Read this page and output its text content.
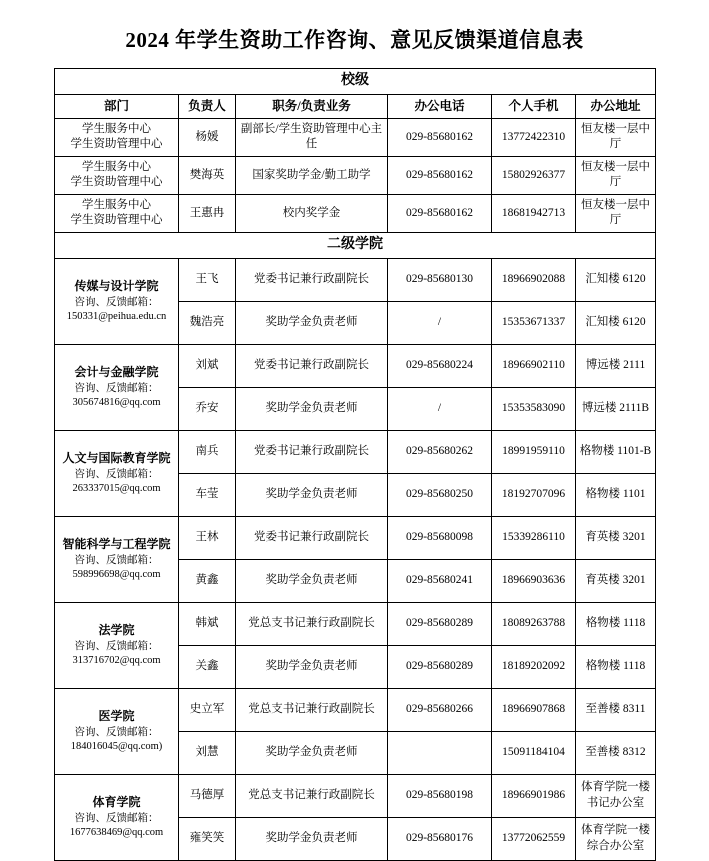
2024 年学生资助工作咨询、意见反馈渠道信息表
校级					
部门	负责人	职务/负责业务	办公电话	个人手机	办公地址
学生服务中心
学生资助管理中心	杨媛	副部长/学生资助管理中心主任	029-85680162	13772422310	恒友楼一层中厅
学生服务中心
学生资助管理中心	樊海英	国家奖助学金/勤工助学	029-85680162	15802926377	恒友楼一层中厅
学生服务中心
学生资助管理中心	王惠冉	校内奖学金	029-85680162	18681942713	恒友楼一层中厅
二级学院					

传媒与设计学院
咨询、反馈邮箱：
150331@peihua.edu.cn	王飞	党委书记兼行政副院长	029-85680130	18966902088	汇知楼 6120
	魏浩亮	奖助学金负责老师	/	15353671337	汇知楼 6120

会计与金融学院
咨询、反馈邮箱：
305674816@qq.com	刘斌	党委书记兼行政副院长	029-85680224	18966902110	博远楼 2111
	乔安	奖助学金负责老师	/	15353583090	博远楼 2111B

人文与国际教育学院
咨询、反馈邮箱：
263337015@qq.com	南兵	党委书记兼行政副院长	029-85680262	18991959110	格物楼 1101-B
	车莹	奖助学金负责老师	029-85680250	18192707096	格物楼 1101

智能科学与工程学院
咨询、反馈邮箱：
598996698@qq.com	王林	党委书记兼行政副院长	029-85680098	15339286110	育英楼 3201
	黄鑫	奖助学金负责老师	029-85680241	18966903636	育英楼 3201

法学院
咨询、反馈邮箱：
313716702@qq.com	韩斌	党总支书记兼行政副院长	029-85680289	18089263788	格物楼 1118
	关鑫	奖助学金负责老师	029-85680289	18189202092	格物楼 1118

医学院
咨询、反馈邮箱：
184016045@qq.com)	史立军	党总支书记兼行政副院长	029-85680266	18966907868	至善楼 8311
	刘慧	奖助学金负责老师		15091184104	至善楼 8312

体育学院
咨询、反馈邮箱：
1677638469@qq.com	马德厚	党总支书记兼行政副院长	029-85680198	18966901986	体育学院一楼书记办公室
	雍笑笑	奖助学金负责老师	029-85680176	13772062559	体育学院一楼综合办公室
